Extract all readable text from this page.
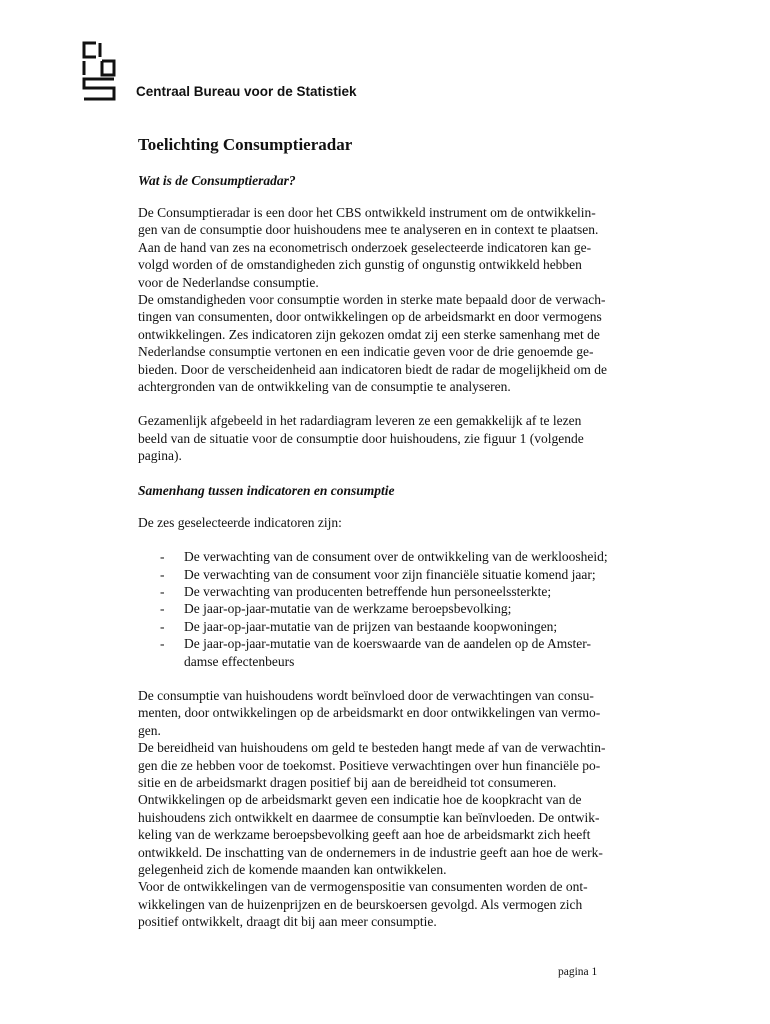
Centraal Bureau voor de Statistiek
Toelichting Consumptieradar
Wat is de Consumptieradar?

De Consumptieradar is een door het CBS ontwikkeld instrument om de ontwikkelin-
gen van de consumptie door huishoudens mee te analyseren en in context te plaatsen.
Aan de hand van zes na econometrisch onderzoek geselecteerde indicatoren kan ge-
volgd worden of de omstandigheden zich gunstig of ongunstig ontwikkeld hebben
voor de Nederlandse consumptie.
De omstandigheden voor consumptie worden in sterke mate bepaald door de verwach-
tingen van consumenten, door ontwikkelingen op de arbeidsmarkt en door vermogens
ontwikkelingen. Zes indicatoren zijn gekozen omdat zij een sterke samenhang met de
Nederlandse consumptie vertonen en een indicatie geven voor de drie genoemde ge-
bieden. Door de verscheidenheid aan indicatoren biedt de radar de mogelijkheid om de
achtergronden van de ontwikkeling van de consumptie te analyseren.

Gezamenlijk afgebeeld in het radardiagram leveren ze een gemakkelijk af te lezen
beeld van de situatie voor de consumptie door huishoudens, zie figuur 1 (volgende
pagina).

Samenhang tussen indicatoren en consumptie

De zes geselecteerde indicatoren zijn:

- De verwachting van de consument over de ontwikkeling van de werkloosheid;
- De verwachting van de consument voor zijn financiële situatie komend jaar;
- De verwachting van producenten betreffende hun personeelssterkte;
- De jaar-op-jaar-mutatie van de werkzame beroepsbevolking;
- De jaar-op-jaar-mutatie van de prijzen van bestaande koopwoningen;
- De jaar-op-jaar-mutatie van de koerswaarde van de aandelen op de Amster-
damse effectenbeurs

De consumptie van huishoudens wordt beïnvloed door de verwachtingen van consu-
menten, door ontwikkelingen op de arbeidsmarkt en door ontwikkelingen van vermo-
gen.
De bereidheid van huishoudens om geld te besteden hangt mede af van de verwachtin-
gen die ze hebben voor de toekomst. Positieve verwachtingen over hun financiële po-
sitie en de arbeidsmarkt dragen positief bij aan de bereidheid tot consumeren.
Ontwikkelingen op de arbeidsmarkt geven een indicatie hoe de koopkracht van de
huishoudens zich ontwikkelt en daarmee de consumptie kan beïnvloeden. De ontwik-
keling van de werkzame beroepsbevolking geeft aan hoe de arbeidsmarkt zich heeft
ontwikkeld. De inschatting van de ondernemers in de industrie geeft aan hoe de werk-
gelegenheid zich de komende maanden kan ontwikkelen.
Voor de ontwikkelingen van de vermogenspositie van consumenten worden de ont-
wikkelingen van de huizenprijzen en de beurskoersen gevolgd. Als vermogen zich
positief ontwikkelt, draagt dit bij aan meer consumptie.

pagina 1
